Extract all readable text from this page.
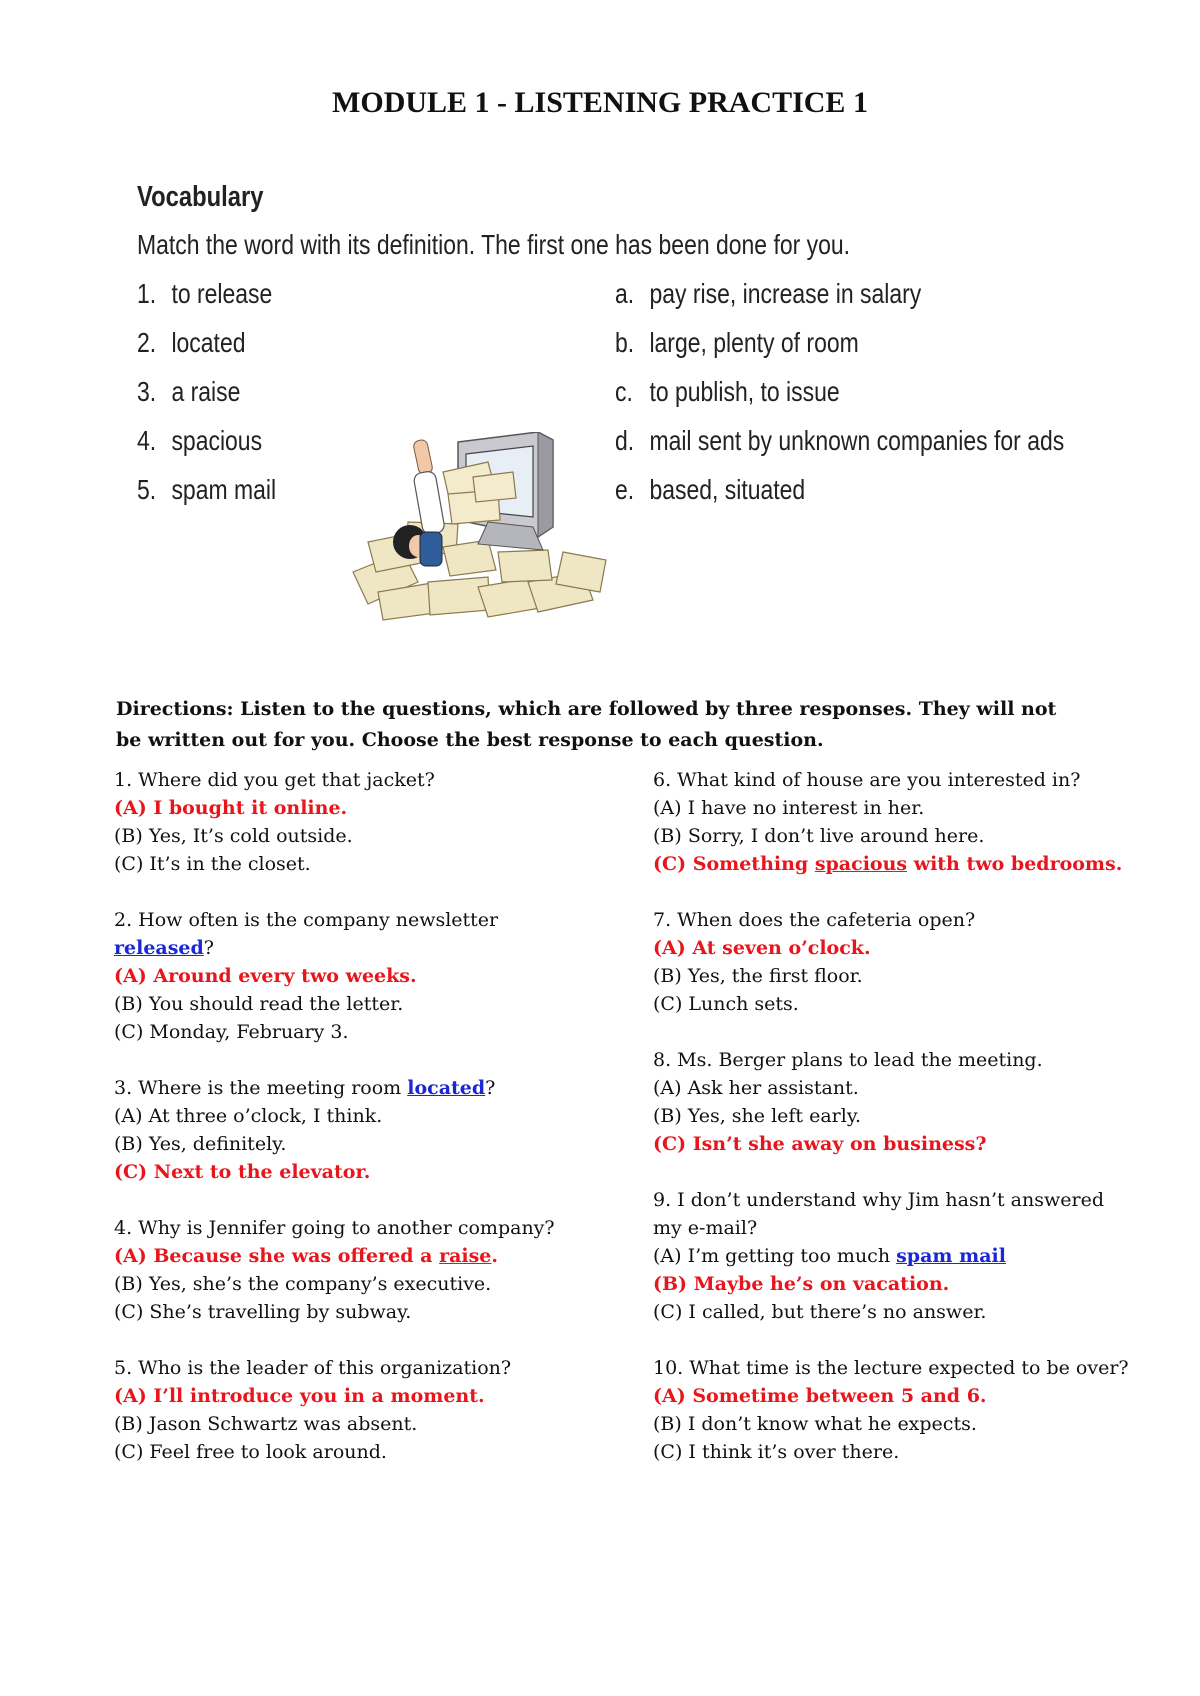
MODULE 1 - LISTENING PRACTICE 1
Vocabulary
Match the word with its definition. The first one has been done for you.
1. to release
2. located
3. a raise
4. spacious
5. spam mail
a. pay rise, increase in salary
b. large, plenty of room
c. to publish, to issue
d. mail sent by unknown companies for ads
e. based, situated
Directions: Listen to the questions, which are followed by three responses. They will not be written out for you. Choose the best response to each question.
1. Where did you get that jacket?
(A) I bought it online.
(B) Yes, It’s cold outside.
(C) It’s in the closet.
2. How often is the company newsletter released?
(A) Around every two weeks.
(B) You should read the letter.
(C) Monday, February 3.
3. Where is the meeting room located?
(A) At three o’clock, I think.
(B) Yes, definitely.
(C) Next to the elevator.
4. Why is Jennifer going to another company?
(A) Because she was offered a raise.
(B) Yes, she’s the company’s executive.
(C) She’s travelling by subway.
5. Who is the leader of this organization?
(A) I’ll introduce you in a moment.
(B) Jason Schwartz was absent.
(C) Feel free to look around.
6. What kind of house are you interested in?
(A) I have no interest in her.
(B) Sorry, I don’t live around here.
(C) Something spacious with two bedrooms.
7. When does the cafeteria open?
(A) At seven o’clock.
(B) Yes, the first floor.
(C) Lunch sets.
8. Ms. Berger plans to lead the meeting.
(A) Ask her assistant.
(B) Yes, she left early.
(C) Isn’t she away on business?
9. I don’t understand why Jim hasn’t answered my e-mail?
(A) I’m getting too much spam mail
(B) Maybe he’s on vacation.
(C) I called, but there’s no answer.
10. What time is the lecture expected to be over?
(A) Sometime between 5 and 6.
(B) I don’t know what he expects.
(C) I think it’s over there.
